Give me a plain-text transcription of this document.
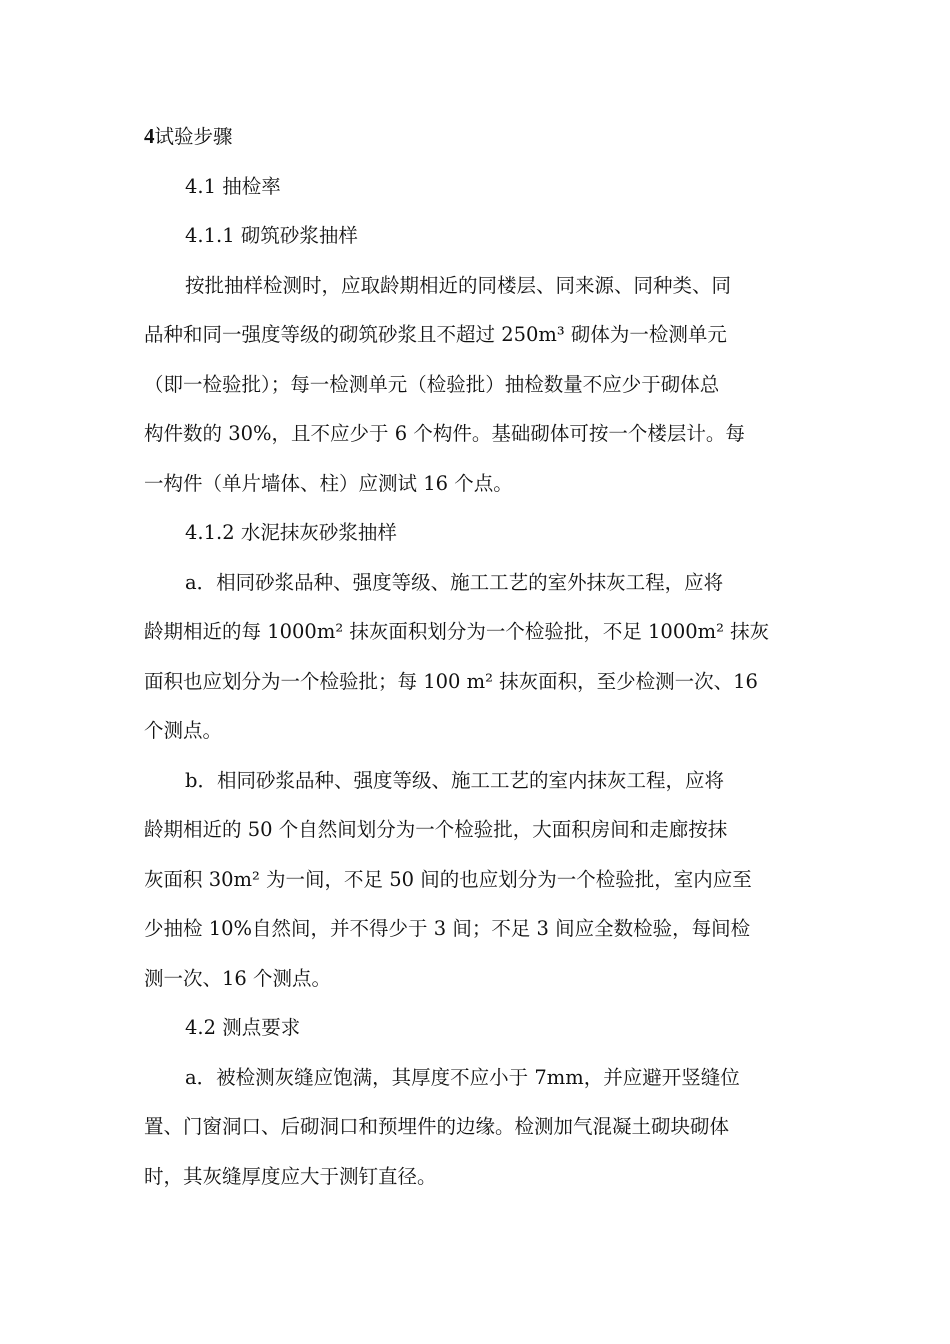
4试验步骤

4.1 抽检率

4.1.1 砌筑砂浆抽样

按批抽样检测时，应取龄期相近的同楼层、同来源、同种类、同

品种和同一强度等级的砌筑砂浆且不超过 250m³ 砌体为一检测单元

（即一检验批）；每一检测单元（检验批）抽检数量不应少于砌体总

构件数的 30%，且不应少于 6 个构件。基础砌体可按一个楼层计。每

一构件（单片墙体、柱）应测试 16 个点。

4.1.2 水泥抹灰砂浆抽样

a．相同砂浆品种、强度等级、施工工艺的室外抹灰工程，应将

龄期相近的每 1000m² 抹灰面积划分为一个检验批，不足 1000m² 抹灰

面积也应划分为一个检验批；每 100 m² 抹灰面积，至少检测一次、16

个测点。

b．相同砂浆品种、强度等级、施工工艺的室内抹灰工程，应将

龄期相近的 50 个自然间划分为一个检验批，大面积房间和走廊按抹

灰面积 30m² 为一间，不足 50 间的也应划分为一个检验批，室内应至

少抽检 10%自然间，并不得少于 3 间；不足 3 间应全数检验，每间检

测一次、16 个测点。

4.2 测点要求

a．被检测灰缝应饱满，其厚度不应小于 7mm，并应避开竖缝位

置、门窗洞口、后砌洞口和预埋件的边缘。检测加气混凝土砌块砌体

时，其灰缝厚度应大于测钉直径。
